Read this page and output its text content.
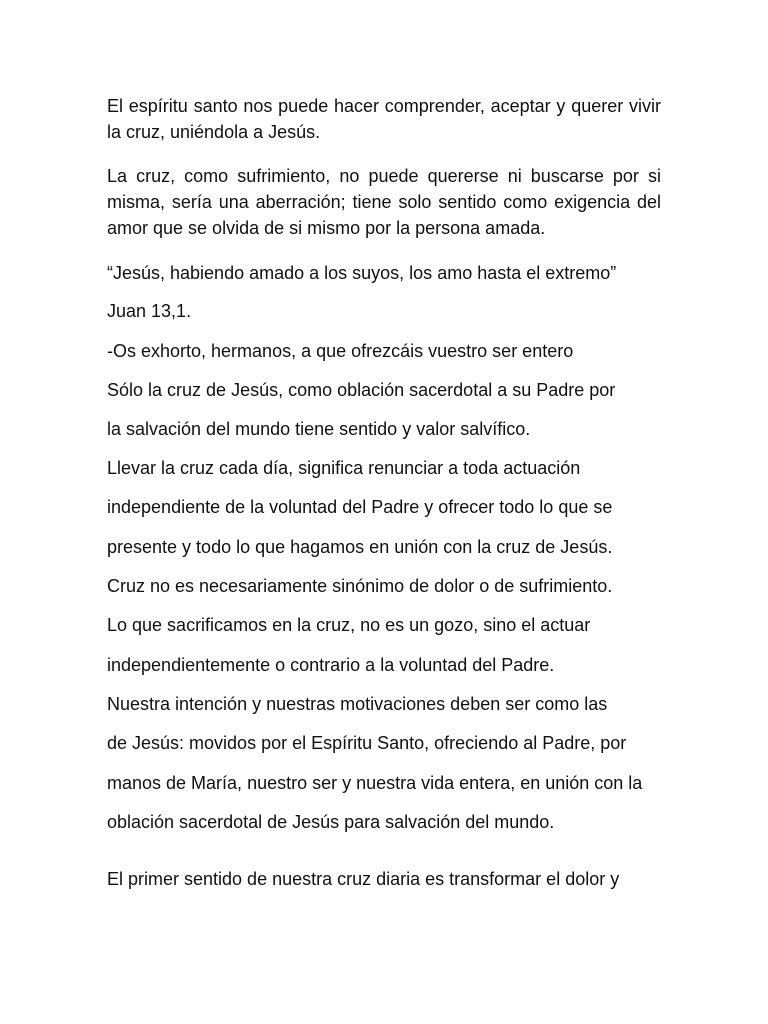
El espíritu santo nos puede hacer comprender, aceptar y querer vivir la cruz, uniéndola a Jesús.

La cruz, como sufrimiento, no puede quererse ni buscarse por si misma, sería una aberración; tiene solo sentido como exigencia del amor que se olvida de si mismo por la persona amada.

“Jesús, habiendo amado a los suyos, los amo hasta el extremo”

Juan 13,1.

-Os exhorto, hermanos, a que ofrezcáis vuestro ser entero

Sólo la cruz de Jesús, como oblación sacerdotal a su Padre por

la salvación del mundo tiene sentido y valor salvífico.

Llevar la cruz cada día, significa renunciar a toda actuación

independiente de la voluntad del Padre y ofrecer todo lo que se

presente y todo lo que hagamos en unión con la cruz de Jesús.

Cruz no es necesariamente sinónimo de dolor o de sufrimiento.

Lo que sacrificamos en la cruz, no es un gozo, sino el actuar

independientemente o contrario a la voluntad del Padre.

Nuestra intención y nuestras motivaciones deben ser como las

de Jesús: movidos por el Espíritu Santo, ofreciendo al Padre, por

manos de María, nuestro ser y nuestra vida entera, en unión con la

oblación sacerdotal de Jesús para salvación del mundo.

El primer sentido de nuestra cruz diaria es transformar el dolor y
